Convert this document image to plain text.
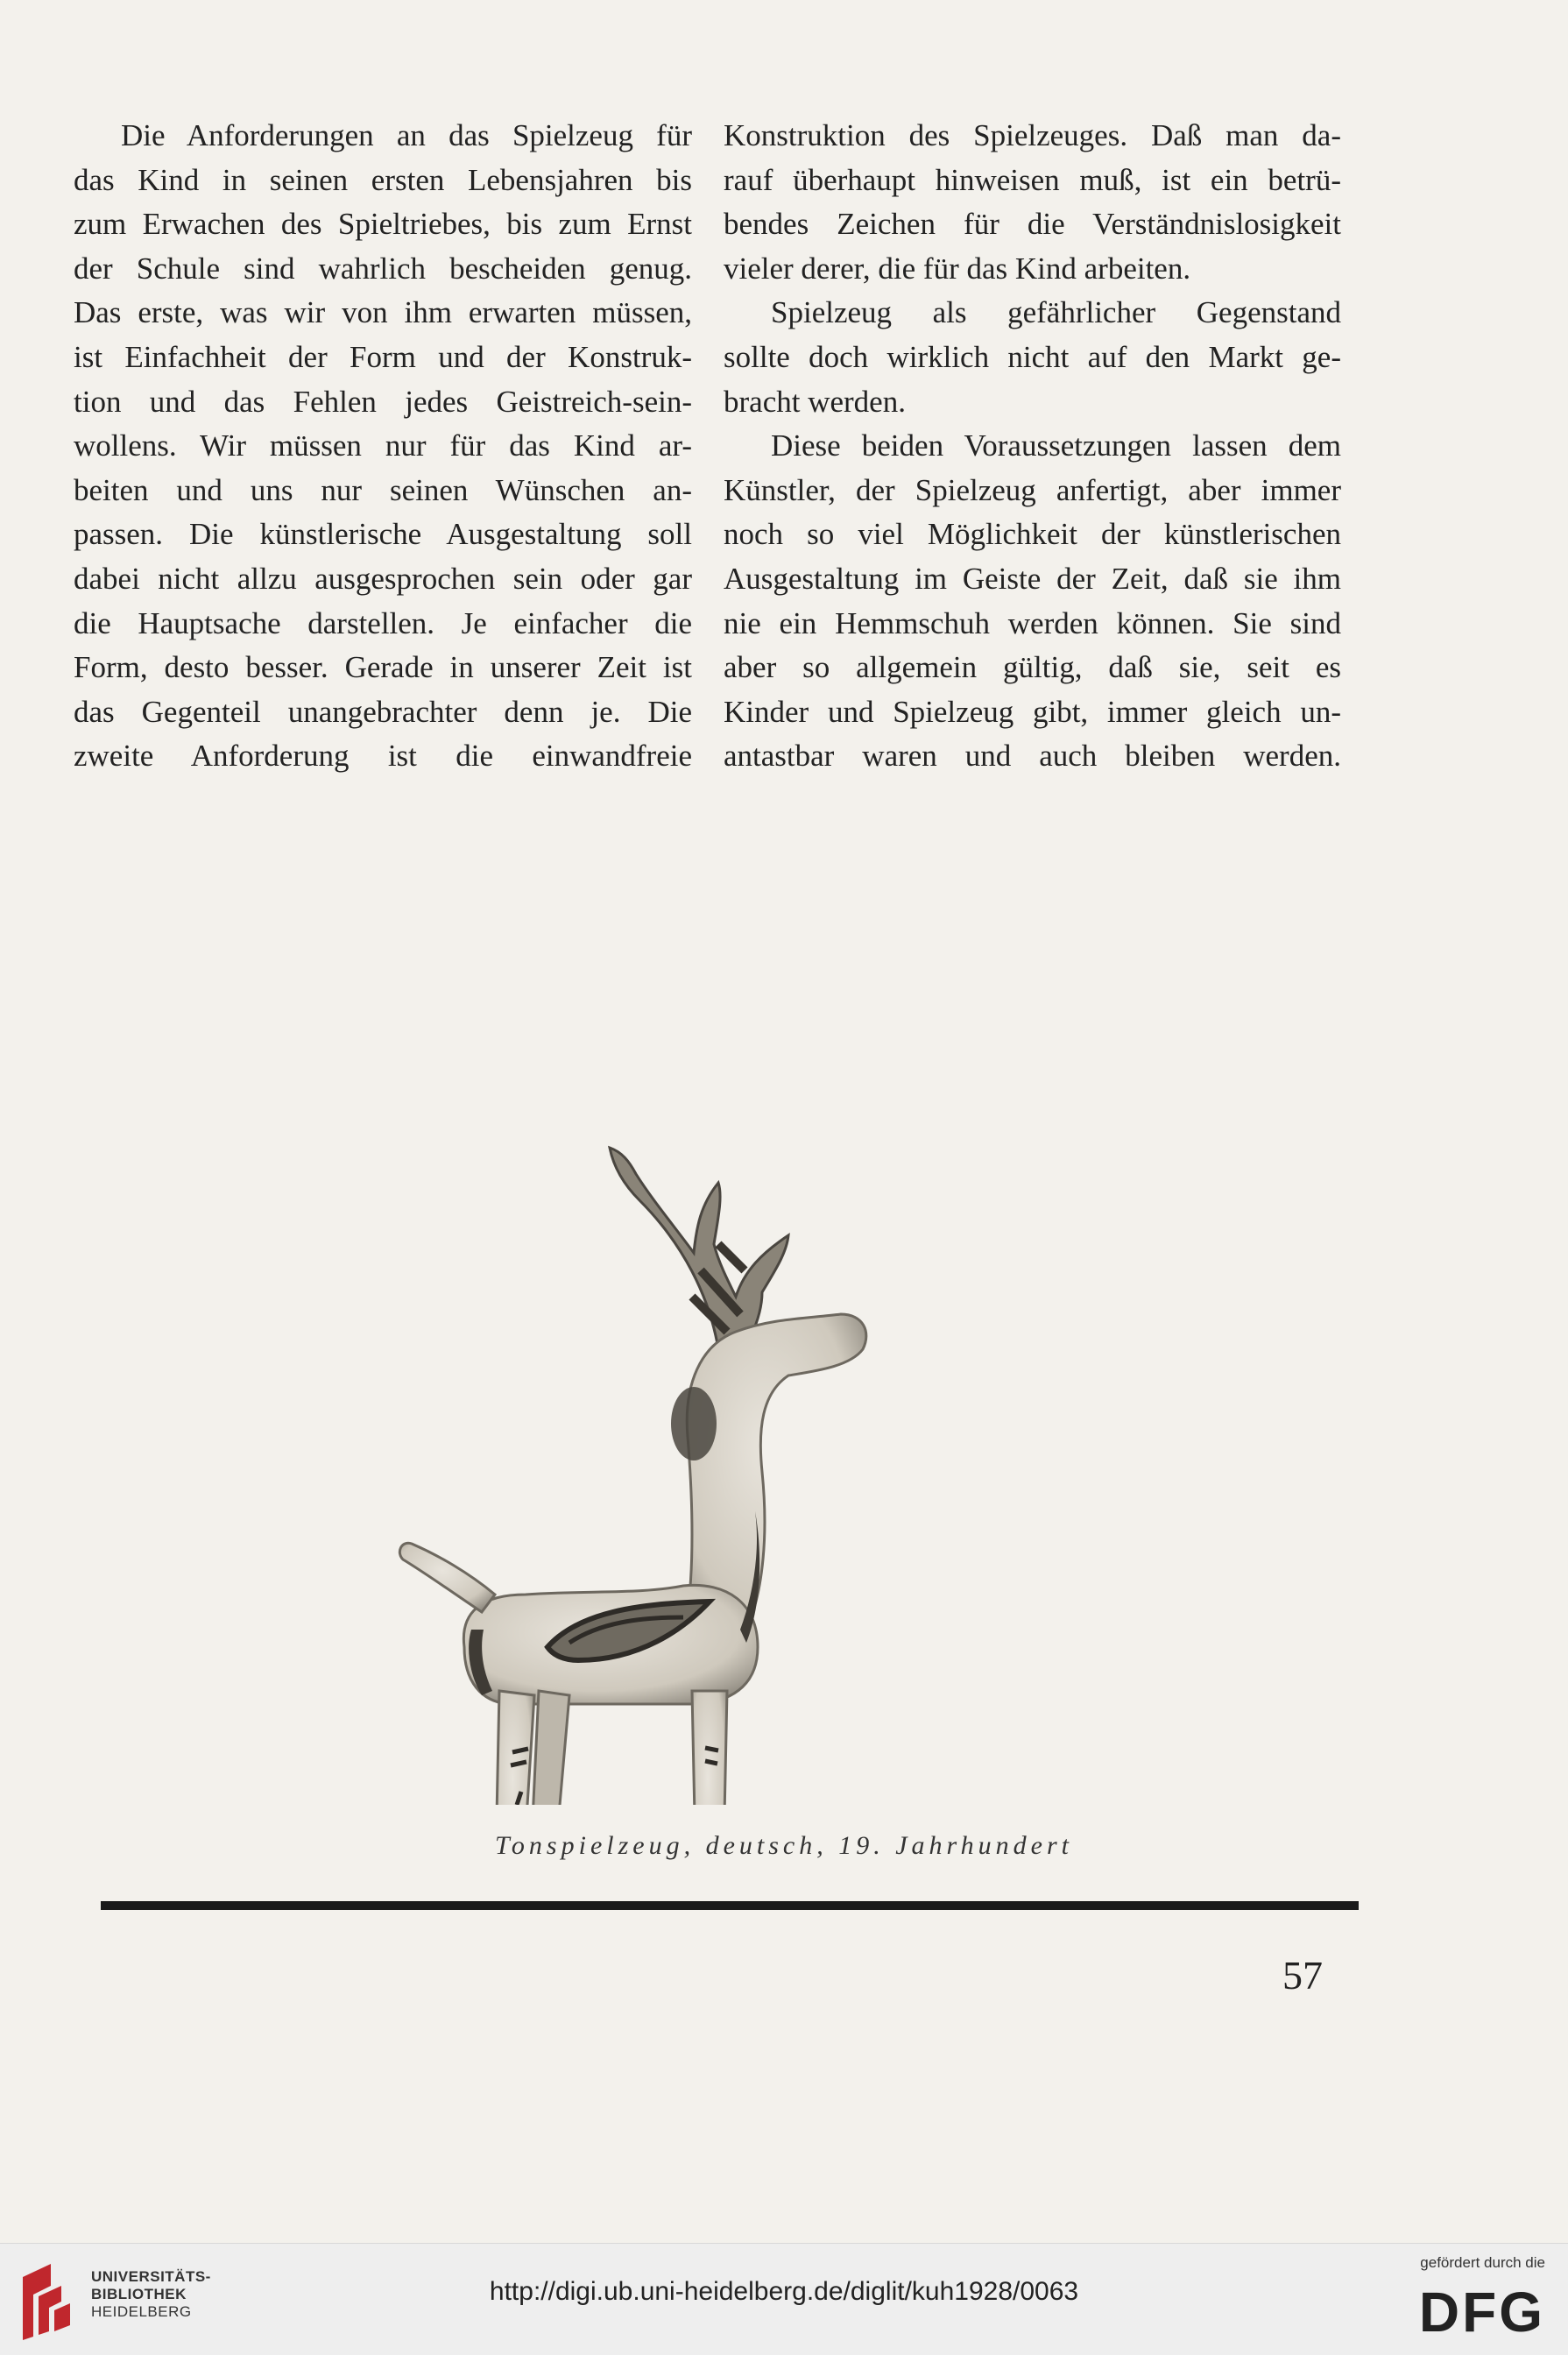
Die Anforderungen an das Spielzeug für
das Kind in seinen ersten Lebensjahren bis
zum Erwachen des Spieltriebes, bis zum Ernst
der Schule sind wahrlich bescheiden genug.
Das erste, was wir von ihm erwarten müssen,
ist Einfachheit der Form und der Konstruk-
tion und das Fehlen jedes Geistreich-sein-
wollens. Wir müssen nur für das Kind ar-
beiten und uns nur seinen Wünschen an-
passen. Die künstlerische Ausgestaltung soll
dabei nicht allzu ausgesprochen sein oder gar
die Hauptsache darstellen. Je einfacher die
Form, desto besser. Gerade in unserer Zeit ist
das Gegenteil unangebrachter denn je. Die
zweite Anforderung ist die einwandfreie

Konstruktion des Spielzeuges. Daß man da-
rauf überhaupt hinweisen muß, ist ein betrü-
bendes Zeichen für die Verständnislosigkeit
vieler derer, die für das Kind arbeiten.

Spielzeug als gefährlicher Gegenstand
sollte doch wirklich nicht auf den Markt ge-
bracht werden.

Diese beiden Voraussetzungen lassen dem
Künstler, der Spielzeug anfertigt, aber immer
noch so viel Möglichkeit der künstlerischen
Ausgestaltung im Geiste der Zeit, daß sie ihm
nie ein Hemmschuh werden können. Sie sind
aber so allgemein gültig, daß sie, seit es
Kinder und Spielzeug gibt, immer gleich un-
antastbar waren und auch bleiben werden.

Tonspielzeug, deutsch, 19. Jahrhundert
57
UNIVERSITÄTS-
BIBLIOTHEK
HEIDELBERG
http://digi.ub.uni-heidelberg.de/diglit/kuh1928/0063
gefördert durch die
DFG
